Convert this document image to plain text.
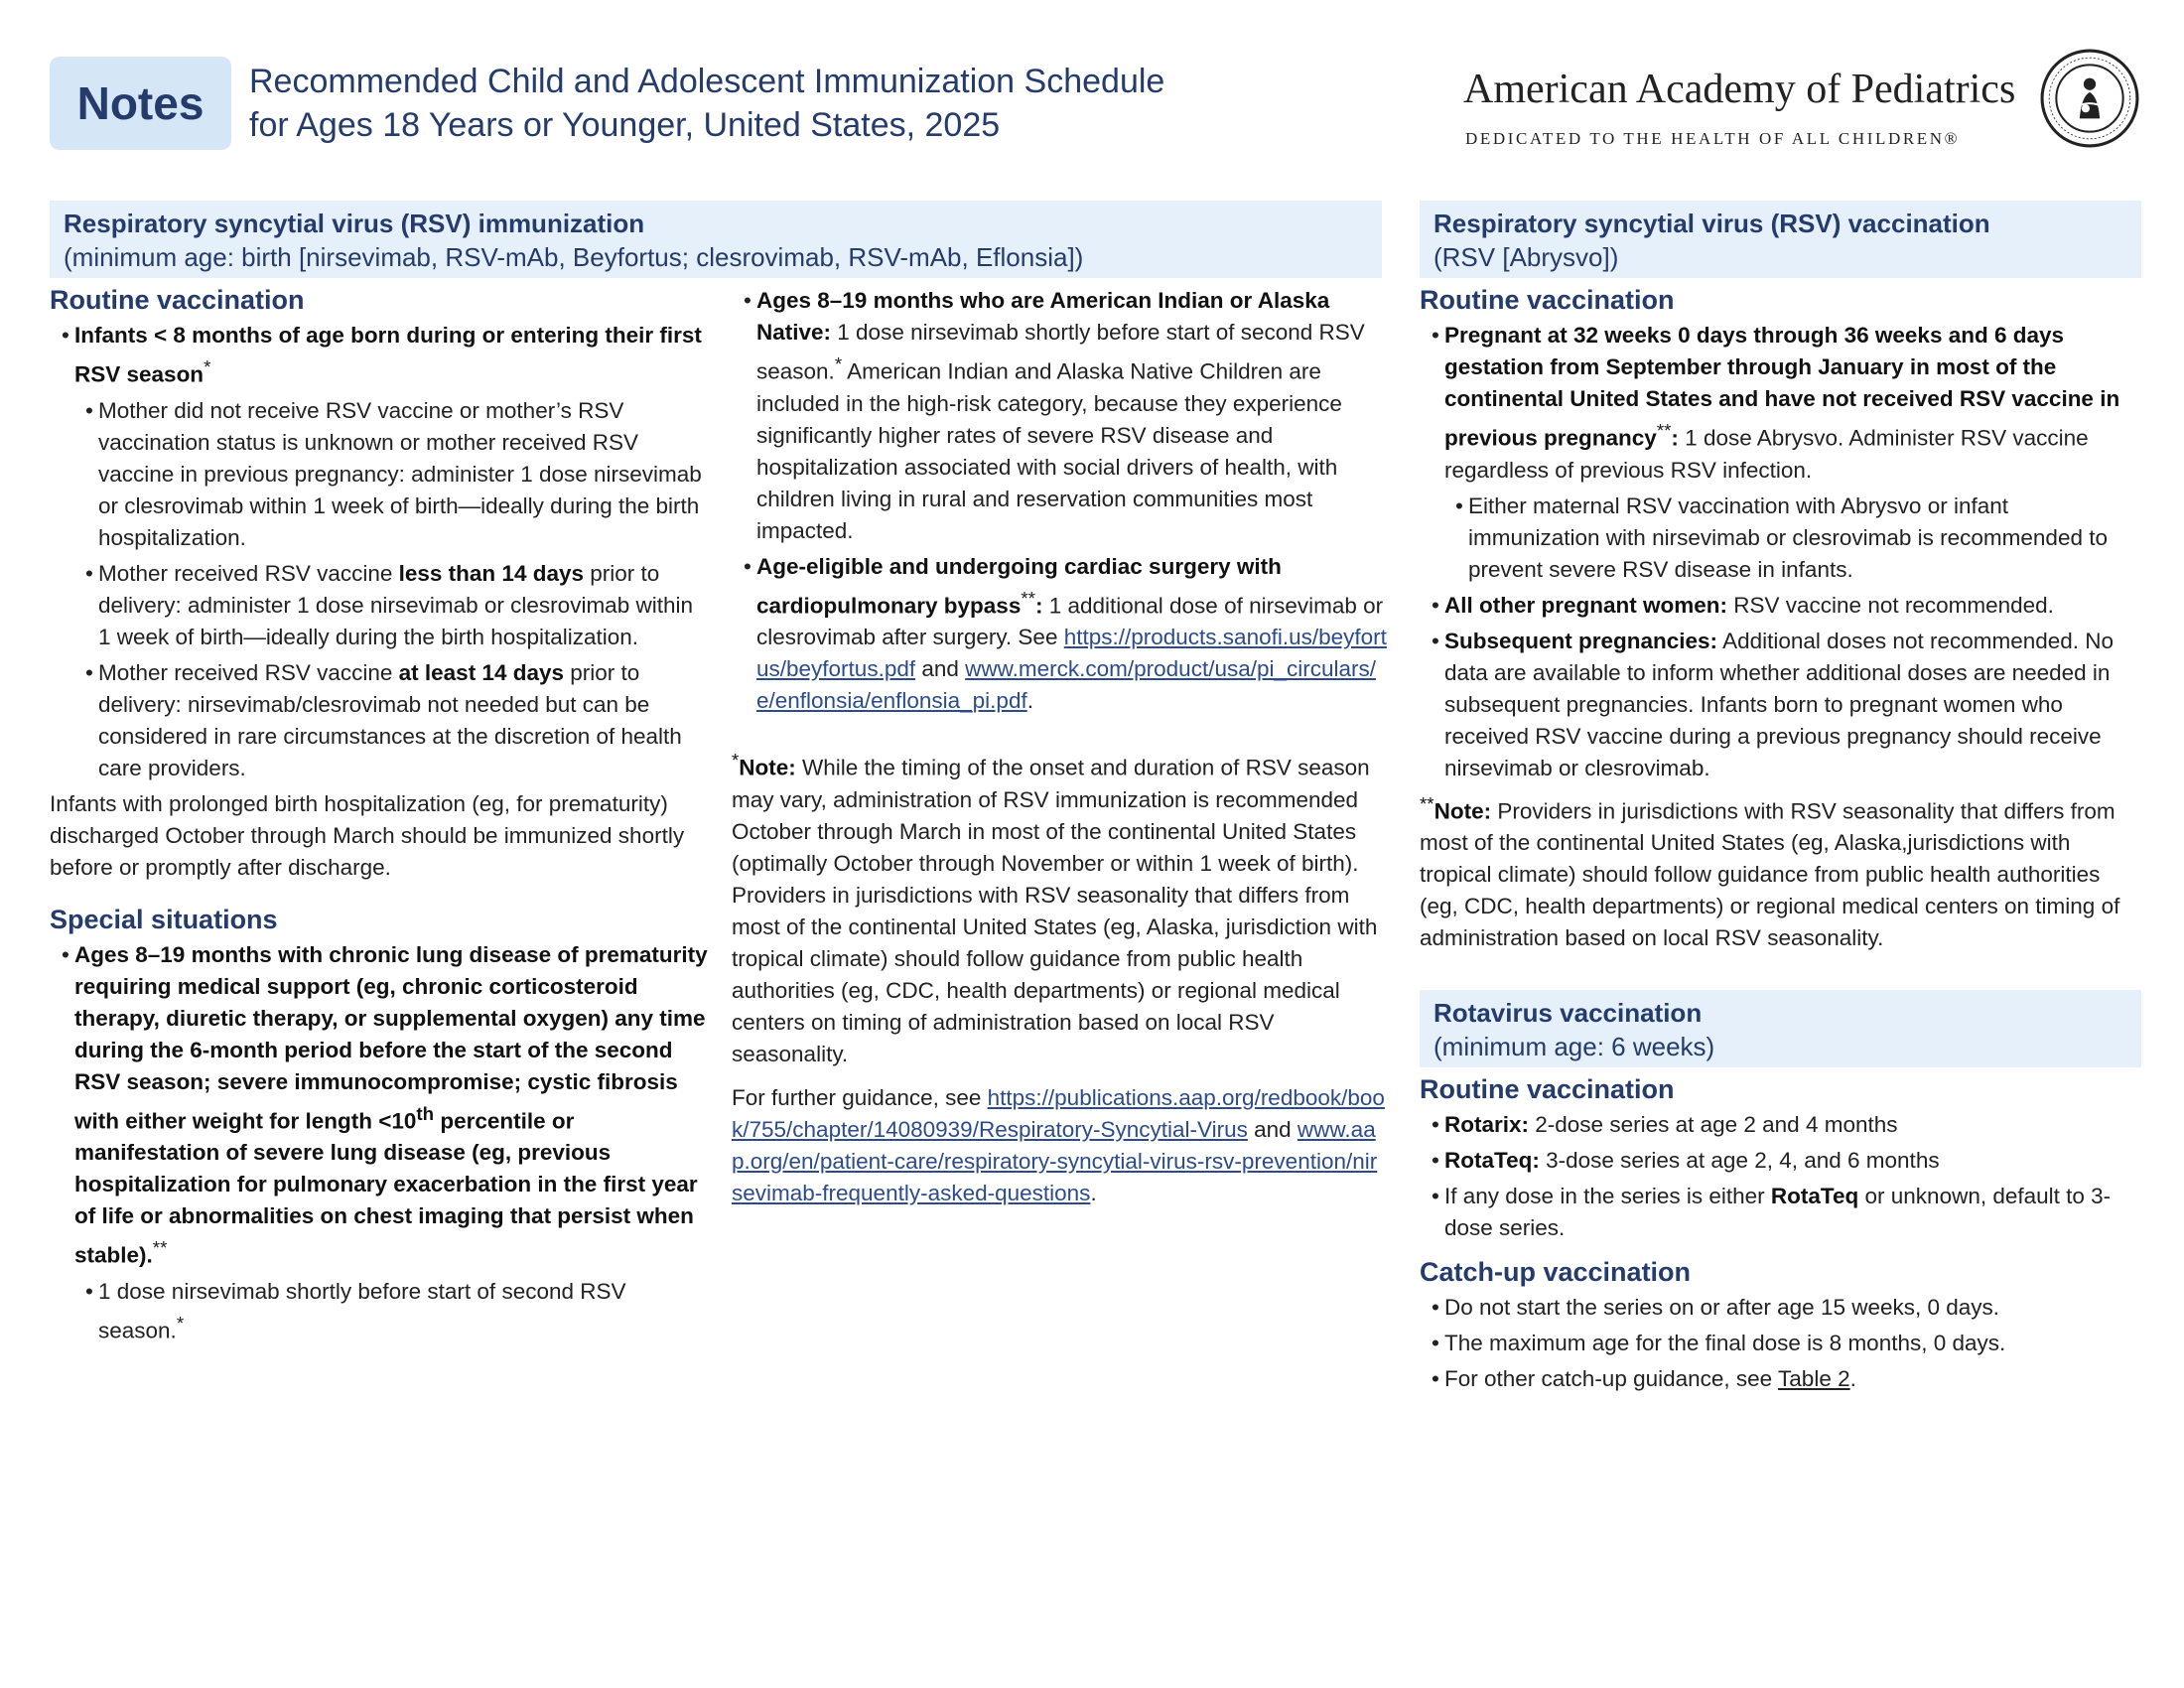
Notes	Recommended Child and Adolescent Immunization Schedule
for Ages 18 Years or Younger, United States, 2025
American Academy of Pediatrics
DEDICATED TO THE HEALTH OF ALL CHILDREN®
Respiratory syncytial virus (RSV) immunization
(minimum age: birth [nirsevimab, RSV-mAb, Beyfortus; clesrovimab, RSV-mAb, Eflonsia])
Routine vaccination
• Infants < 8 months of age born during or entering their first RSV season*
• Mother did not receive RSV vaccine or mother’s RSV vaccination status is unknown or mother received RSV vaccine in previous pregnancy: administer 1 dose nirsevimab or clesrovimab within 1 week of birth—ideally during the birth hospitalization.
• Mother received RSV vaccine less than 14 days prior to delivery: administer 1 dose nirsevimab or clesrovimab within 1 week of birth—ideally during the birth hospitalization.
• Mother received RSV vaccine at least 14 days prior to delivery: nirsevimab/clesrovimab not needed but can be considered in rare circumstances at the discretion of health care providers.

Infants with prolonged birth hospitalization (eg, for prematurity) discharged October through March should be immunized shortly before or promptly after discharge.

Special situations
• Ages 8–19 months with chronic lung disease of prematurity requiring medical support (eg, chronic corticosteroid therapy, diuretic therapy, or supplemental oxygen) any time during the 6-month period before the start of the second RSV season; severe immunocompromise; cystic fibrosis with either weight for length <10th percentile or manifestation of severe lung disease (eg, previous hospitalization for pulmonary exacerbation in the first year of life or abnormalities on chest imaging that persist when stable).**
• 1 dose nirsevimab shortly before start of second RSV season.*
• Ages 8–19 months who are American Indian or Alaska Native: 1 dose nirsevimab shortly before start of second RSV season.* American Indian and Alaska Native Children are included in the high-risk category, because they experience significantly higher rates of severe RSV disease and hospitalization associated with social drivers of health, with children living in rural and reservation communities most impacted.
• Age-eligible and undergoing cardiac surgery with cardiopulmonary bypass**: 1 additional dose of nirsevimab or clesrovimab after surgery. See https://products.sanofi.us/beyfortus/beyfortus.pdf and www.merck.com/product/usa/pi_circulars/e/enflonsia/enflonsia_pi.pdf.

*Note: While the timing of the onset and duration of RSV season may vary, administration of RSV immunization is recommended October through March in most of the continental United States (optimally October through November or within 1 week of birth). Providers in jurisdictions with RSV seasonality that differs from most of the continental United States (eg, Alaska, jurisdiction with tropical climate) should follow guidance from public health authorities (eg, CDC, health departments) or regional medical centers on timing of administration based on local RSV seasonality.

For further guidance, see https://publications.aap.org/redbook/book/755/chapter/14080939/Respiratory-Syncytial-Virus and www.aap.org/en/patient-care/respiratory-syncytial-virus-rsv-prevention/nirsevimab-frequently-asked-questions.

Respiratory syncytial virus (RSV) vaccination
(RSV [Abrysvo])
Routine vaccination
• Pregnant at 32 weeks 0 days through 36 weeks and 6 days gestation from September through January in most of the continental United States and have not received RSV vaccine in previous pregnancy**: 1 dose Abrysvo. Administer RSV vaccine regardless of previous RSV infection.
• Either maternal RSV vaccination with Abrysvo or infant immunization with nirsevimab or clesrovimab is recommended to prevent severe RSV disease in infants.
• All other pregnant women: RSV vaccine not recommended.
• Subsequent pregnancies: Additional doses not recommended. No data are available to inform whether additional doses are needed in subsequent pregnancies. Infants born to pregnant women who received RSV vaccine during a previous pregnancy should receive nirsevimab or clesrovimab.

**Note: Providers in jurisdictions with RSV seasonality that differs from most of the continental United States (eg, Alaska,jurisdictions with tropical climate) should follow guidance from public health authorities (eg, CDC, health departments) or regional medical centers on timing of administration based on local RSV seasonality.

Rotavirus vaccination
(minimum age: 6 weeks)
Routine vaccination
• Rotarix: 2-dose series at age 2 and 4 months
• RotaTeq: 3-dose series at age 2, 4, and 6 months
• If any dose in the series is either RotaTeq or unknown, default to 3-dose series.
Catch-up vaccination
• Do not start the series on or after age 15 weeks, 0 days.
• The maximum age for the final dose is 8 months, 0 days.
• For other catch-up guidance, see Table 2.
